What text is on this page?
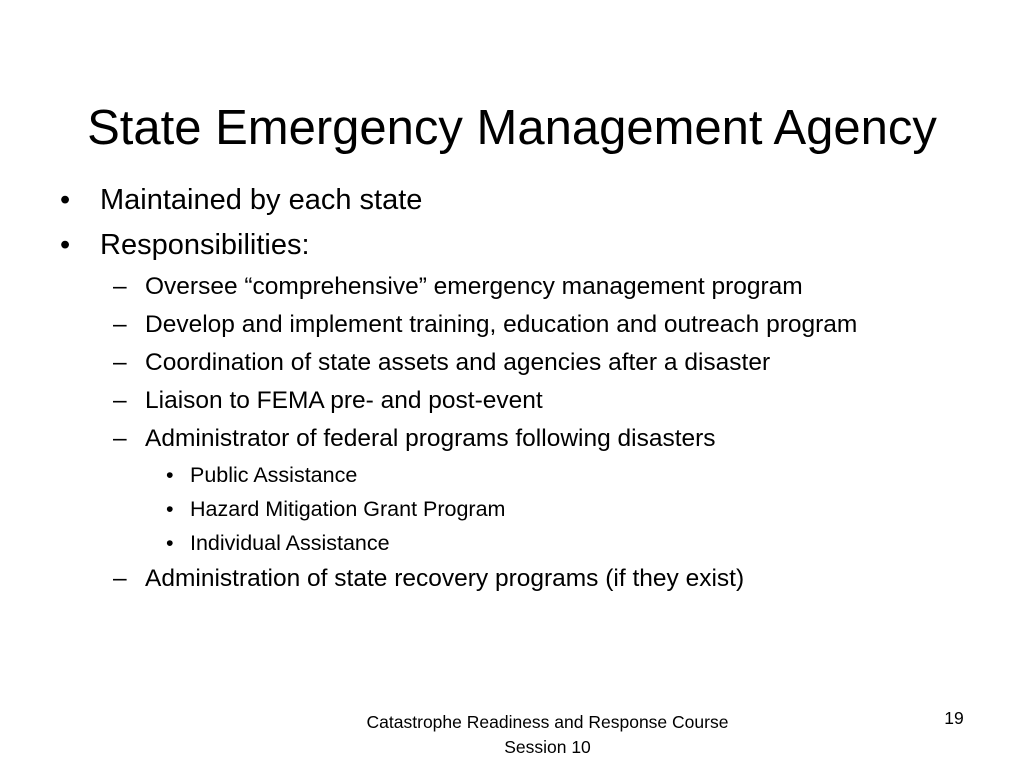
State Emergency Management Agency
•	Maintained by each state
•	Responsibilities:
– Oversee “comprehensive” emergency management program
– Develop and implement training, education and outreach program
– Coordination of state assets and agencies after a disaster
– Liaison to FEMA pre- and post-event
– Administrator of federal programs following disasters
• Public Assistance
• Hazard Mitigation Grant Program
• Individual Assistance
– Administration of state recovery programs (if they exist)
Catastrophe Readiness and Response Course
Session 10
19
